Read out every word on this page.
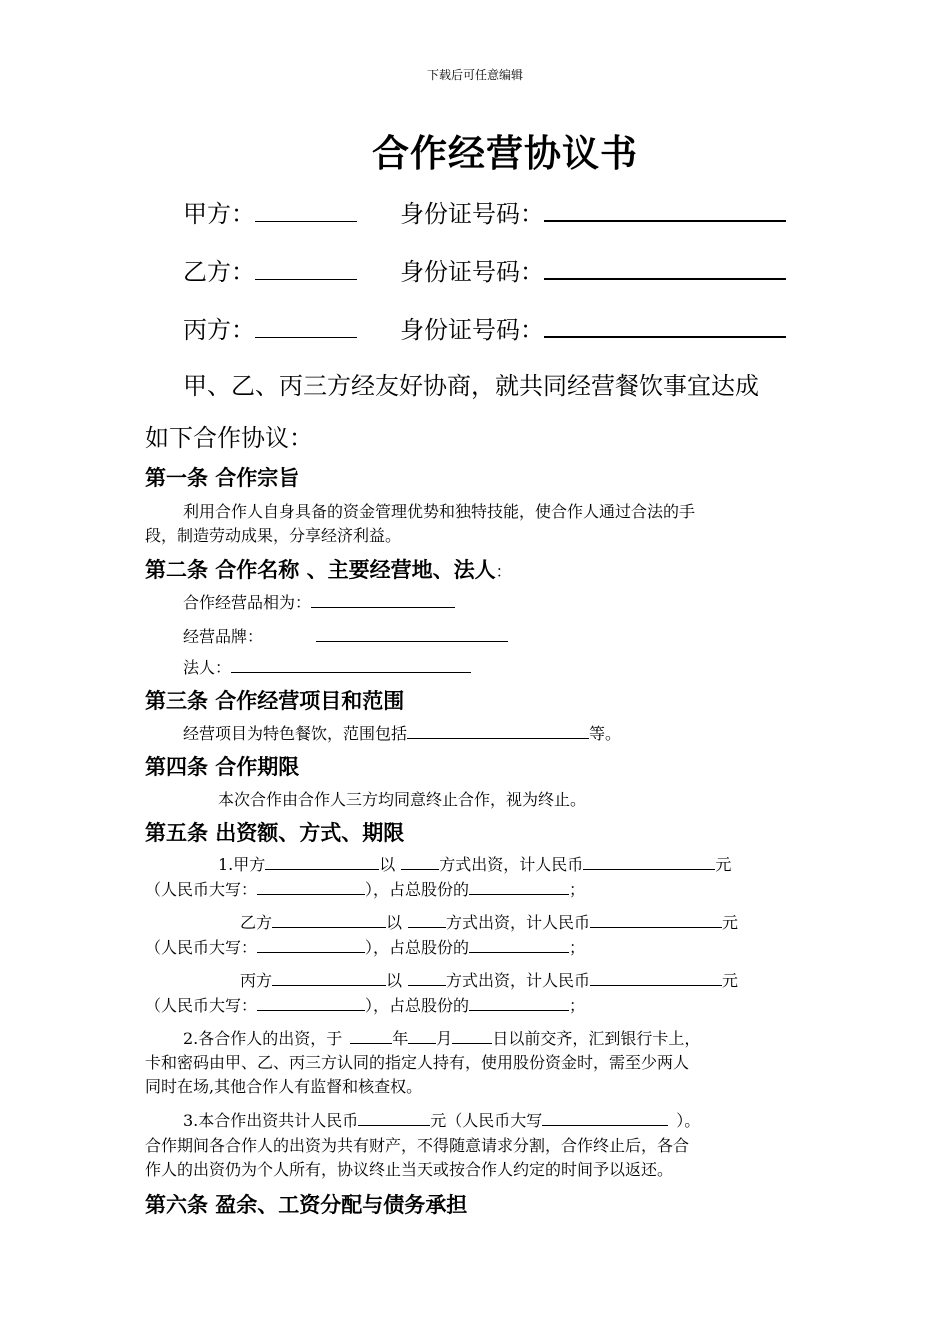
下载后可任意编辑
合作经营协议书
甲方：	身份证号码：
乙方：	身份证号码：
丙方：	身份证号码：
甲、乙、丙三方经友好协商，就共同经营餐饮事宜达成
如下合作协议：
第一条 合作宗旨
利用合作人自身具备的资金管理优势和独特技能，使合作人通过合法的手
段，制造劳动成果，分享经济利益。
第二条 合作名称 、主要经营地、法人：
合作经营品相为：
经营品牌：
法人：
第三条 合作经营项目和范围
经营项目为特色餐饮，范围包括	等。
第四条 合作期限
本次合作由合作人三方均同意终止合作，视为终止。
第五条 出资额、方式、期限
1.甲方	以	方式出资，计人民币	元
（人民币大写：	），占总股份的	；
乙方	以	方式出资，计人民币	元
（人民币大写：	），占总股份的	；
丙方	以	方式出资，计人民币	元
（人民币大写：	），占总股份的	；
2.各合作人的出资，于	年 月	日以前交齐，汇到银行卡上，
卡和密码由甲、乙、丙三方认同的指定人持有，使用股份资金时，需至少两人
同时在场,其他合作人有监督和核查权。
3.本合作出资共计人民币	元（人民币大写	）。
合作期间各合作人的出资为共有财产，不得随意请求分割，合作终止后，各合
作人的出资仍为个人所有，协议终止当天或按合作人约定的时间予以返还。
第六条 盈余、工资分配与债务承担
